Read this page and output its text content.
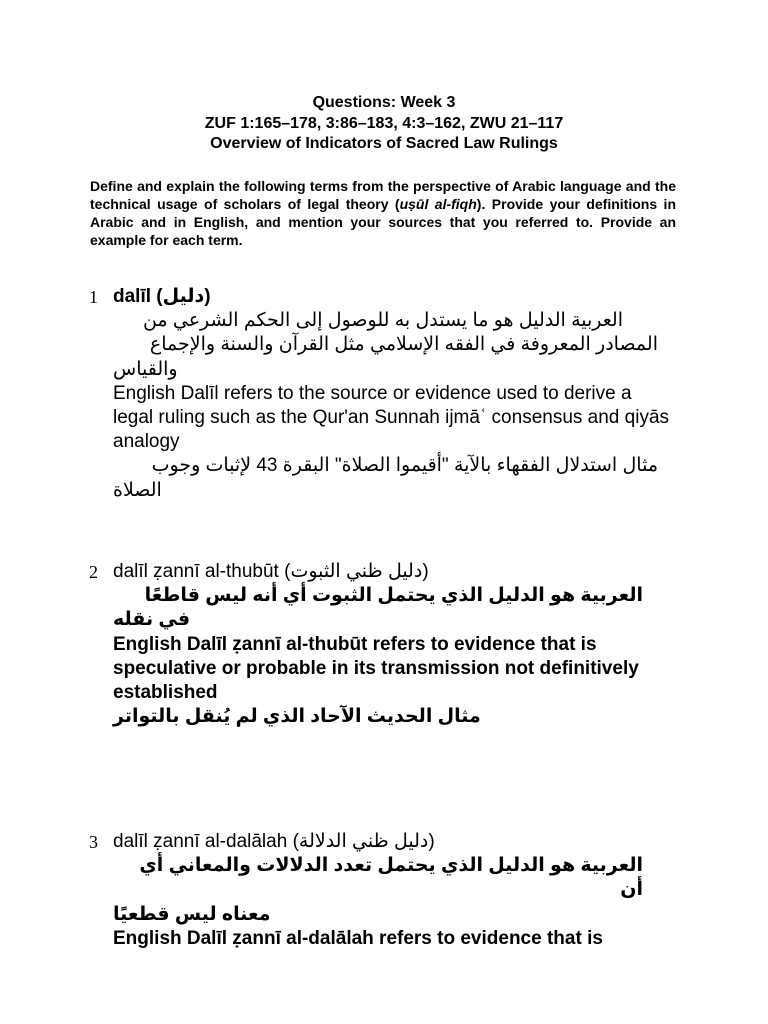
Questions: Week 3
ZUF 1:165–178, 3:86–183, 4:3–162, ZWU 21–117
Overview of Indicators of Sacred Law Rulings
Define and explain the following terms from the perspective of Arabic language and the technical usage of scholars of legal theory (uṣūl al-fiqh). Provide your definitions in Arabic and in English, and mention your sources that you referred to. Provide an example for each term.
1 dalīl (دليل)
العربية الدليل هو ما يستدل به للوصول إلى الحكم الشرعي من
المصادر المعروفة في الفقه الإسلامي مثل القرآن والسنة والإجماع
والقياس
English Dalīl refers to the source or evidence used to derive a legal ruling such as the Qur'an Sunnah ijmāʿ consensus and qiyās analogy
مثال استدلال الفقهاء بالآية "أقيموا الصلاة" البقرة 43 لإثبات وجوب
الصلاة
2 dalīl ẓannī al-thubūt (دليل ظني الثبوت)
العربية هو الدليل الذي يحتمل الثبوت أي أنه ليس قاطعًا
في نقله
English Dalīl ẓannī al-thubūt refers to evidence that is speculative or probable in its transmission not definitively established
مثال الحديث الآحاد الذي لم يُنقل بالتواتر
3 dalīl ẓannī al-dalālah (دليل ظني الدلالة)
العربية هو الدليل الذي يحتمل تعدد الدلالات والمعاني أي أن
معناه ليس قطعيًا
English Dalīl ẓannī al-dalālah refers to evidence that is
